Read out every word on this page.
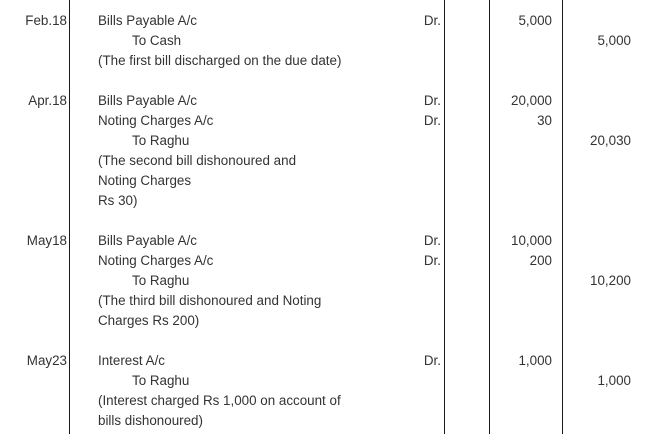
Feb.18 Bills Payable A/c	Dr.	5,000
To Cash	5,000
(The first bill discharged on the due date)
Apr.18 Bills Payable A/c	Dr.	20,000
Noting Charges A/c	Dr.	30
To Raghu	20,030
(The second bill dishonoured and
Noting Charges
Rs 30)
May18 Bills Payable A/c	Dr.	10,000
Noting Charges A/c	Dr.	200
To Raghu	10,200
(The third bill dishonoured and Noting
Charges Rs 200)
May23 Interest A/c	Dr.	1,000
To Raghu	1,000
(Interest charged Rs 1,000 on account of
bills dishonoured)
